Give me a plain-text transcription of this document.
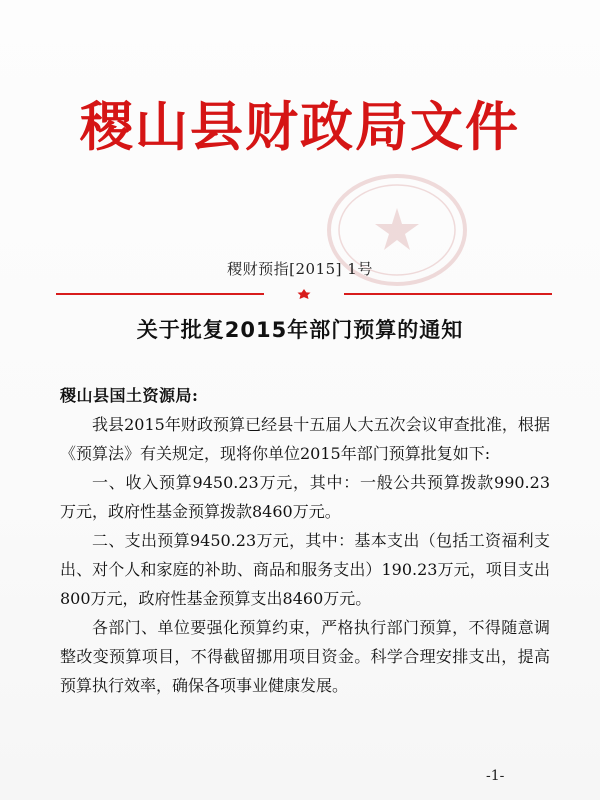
稷山县财政局文件
稷财预指[2015] 1号
关于批复2015年部门预算的通知
稷山县国土资源局:

我县2015年财政预算已经县十五届人大五次会议审查批准，根据《预算法》有关规定，现将你单位2015年部门预算批复如下:

一、收入预算9450.23万元，其中：一般公共预算拨款990.23万元，政府性基金预算拨款8460万元。

二、支出预算9450.23万元，其中：基本支出（包括工资福利支出、对个人和家庭的补助、商品和服务支出）190.23万元，项目支出800万元，政府性基金预算支出8460万元。

各部门、单位要强化预算约束，严格执行部门预算，不得随意调整改变预算项目，不得截留挪用项目资金。科学合理安排支出，提高预算执行效率，确保各项事业健康发展。

-1-
